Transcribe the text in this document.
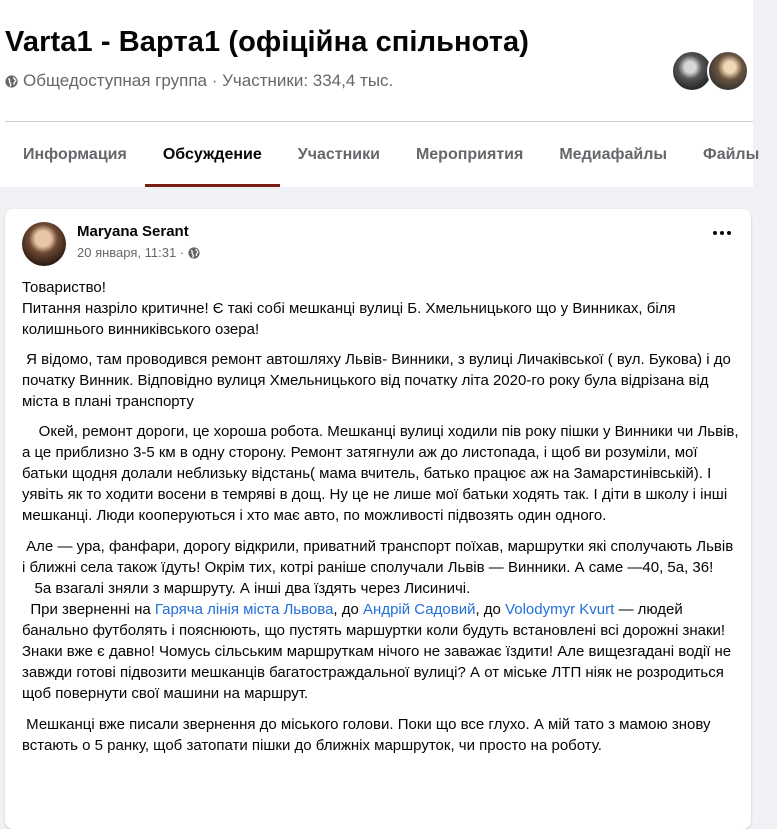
Varta1 - Варта1 (офіційна спільнота)
Общедоступная группа · Участники: 334,4 тыс.
Информация	Обсуждение	Участники	Мероприятия	Медиафайлы	Файлы
Maryana Serant
20 января, 11:31 ·

Товариство!
Питання назріло критичне! Є такі собі мешканці вулиці Б. Хмельницького що у Винниках, біля колишнього винниківського озера!

Я відомо, там проводився ремонт автошляху Львів- Винники, з вулиці Личаківської ( вул. Букова) і до початку Винник. Відповідно вулиця Хмельницького від початку літа 2020-го року була відрізана від міста в плані транспорту

Окей, ремонт дороги, це хороша робота. Мешканці вулиці ходили пів року пішки у Винники чи Львів, а це приблизно 3-5 км в одну сторону. Ремонт затягнули аж до листопада, і щоб ви розуміли, мої батьки щодня долали неблизьку відстань( мама вчитель, батько працює аж на Замарстинівській). І уявіть як то ходити восени в темряві в дощ. Ну це не лише мої батьки ходять так. І діти в школу і інші мешканці. Люди кооперуються і хто має авто, по можливості підвозять один одного.

Але — ура, фанфари, дорогу відкрили, приватний транспорт поїхав, маршрутки які сполучають Львів і ближні села також їдуть! Окрім тих, котрі раніше сполучали Львів — Винники. А саме —40, 5а, 36!
5а взагалі зняли з маршруту. А інші два їздять через Лисиничі.
При зверненні на Гаряча лінія міста Львова, до Андрій Садовий, до Volodymyr Kvurt — людей банально футболять і пояснюють, що пустять маршуртки коли будуть встановлені всі дорожні знаки! Знаки вже є давно! Чомусь сільським маршруткам нічого не заважає їздити! Але вищезгадані водії не завжди готові підвозити мешканців багатостраждальної вулиці? А от міське ЛТП ніяк не розродиться щоб повернути свої машини на маршрут.

Мешканці вже писали звернення до міського голови. Поки що все глухо. А мій тато з мамою знову встають о 5 ранку, щоб затопати пішки до ближніх маршруток, чи просто на роботу.
